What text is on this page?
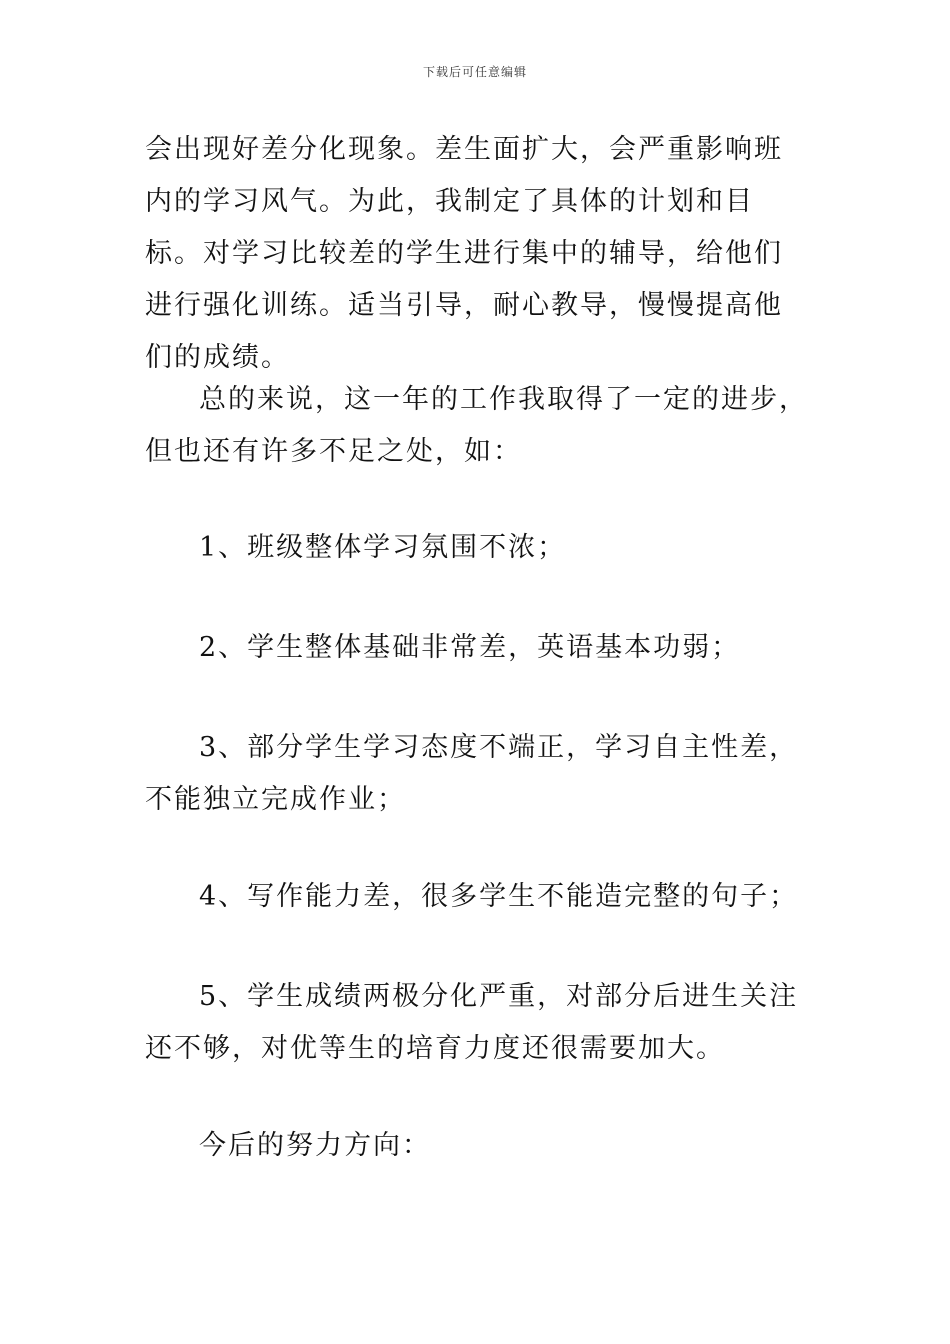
下载后可任意编辑

会出现好差分化现象。差生面扩大，会严重影响班内的学习风气。为此，我制定了具体的计划和目标。对学习比较差的学生进行集中的辅导，给他们进行强化训练。适当引导，耐心教导，慢慢提高他们的成绩。

总的来说，这一年的工作我取得了一定的进步，但也还有许多不足之处，如：

1、班级整体学习氛围不浓；

2、学生整体基础非常差，英语基本功弱；

3、部分学生学习态度不端正，学习自主性差，不能独立完成作业；

4、写作能力差，很多学生不能造完整的句子；

5、学生成绩两极分化严重，对部分后进生关注还不够，对优等生的培育力度还很需要加大。

今后的努力方向：
